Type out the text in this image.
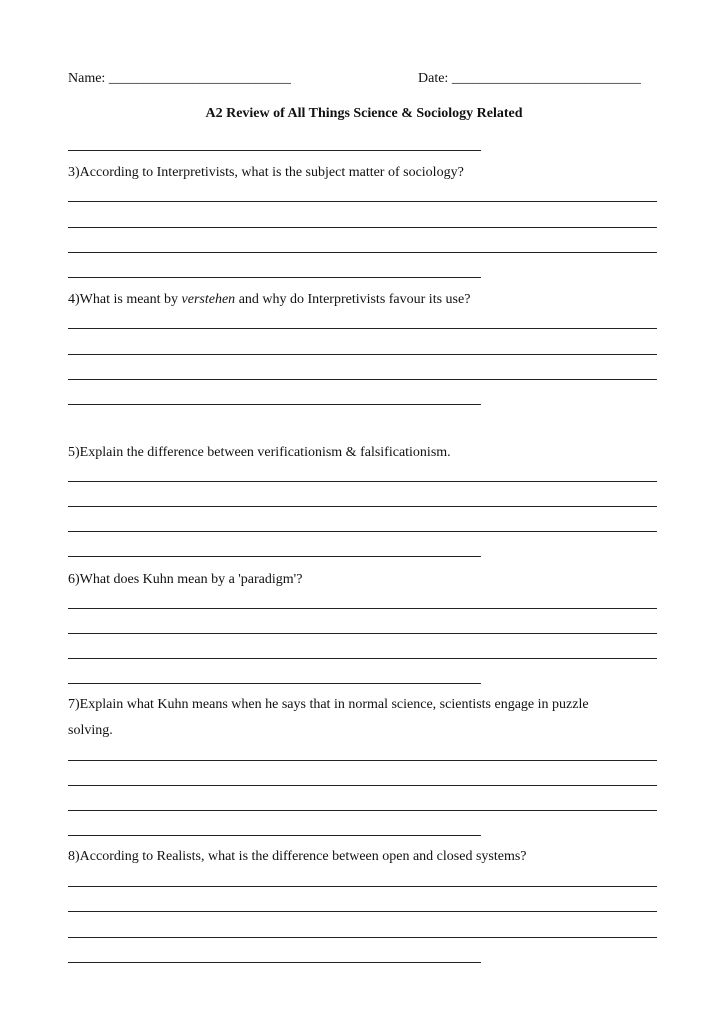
Name: __________________________	Date: ___________________________
A2 Review of All Things Science & Sociology Related
3)According to Interpretivists, what is the subject matter of sociology?
4)What is meant by verstehen and why do Interpretivists favour its use?
5)Explain the difference between verificationism & falsificationism.
6)What does Kuhn mean by a 'paradigm'?
7)Explain what Kuhn means when he says that in normal science, scientists engage in puzzle
solving.
8)According to Realists, what is the difference between open and closed systems?
